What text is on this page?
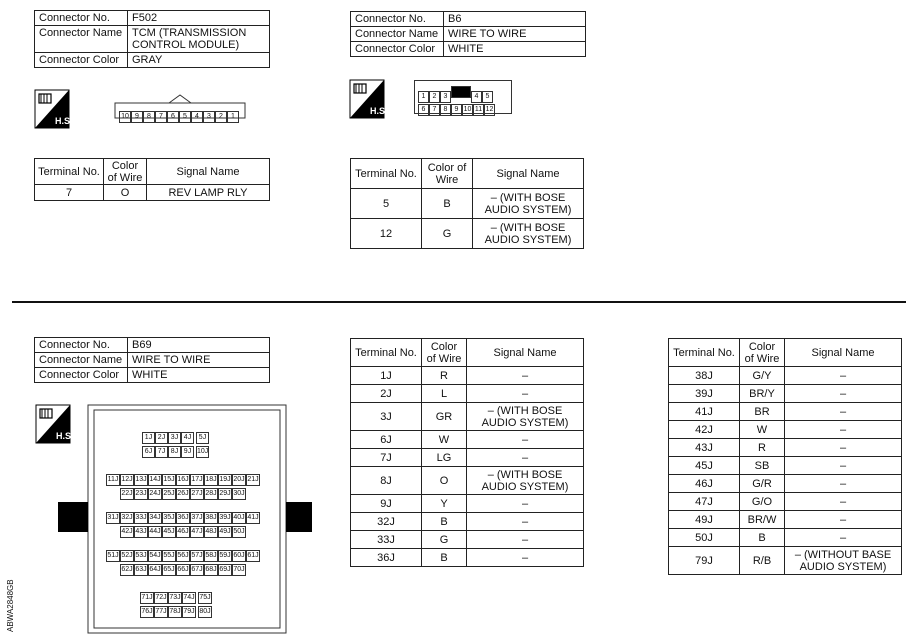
Connector No.	F502
Connector Name	TCM (TRANSMISSION CONTROL MODULE)
Connector Color	GRAY
H.S.	10 9 8 7 6 5 4 3 2 1
Terminal No.	Color of Wire	Signal Name
7	O	REV LAMP RLY
Connector No.	B6
Connector Name	WIRE TO WIRE
Connector Color	WHITE
H.S.
1 2 3	4 5
6 7 8 9 10 11 12
Terminal No.	Color of Wire	Signal Name
5	B	– (WITH BOSE AUDIO SYSTEM)
12	G	– (WITH BOSE AUDIO SYSTEM)
Connector No.	B69
Connector Name	WIRE TO WIRE
Connector Color	WHITE
H.S.	1J 2J 3J 4J 5J
6J 7J 8J 9J 10J
11J 12J 13J 14J 15J 16J 17J 18J 19J 20J 21J
22J 23J 24J 25J 26J 27J 28J 29J 30J
31J 32J 33J 34J 35J 36J 37J 38J 39J 40J 41J
42J 43J 44J 45J 46J 47J 48J 49J 50J
51J 52J 53J 54J 55J 56J 57J 58J 59J 60J 61J
62J 63J 64J 65J 66J 67J 68J 69J 70J
71J 72J 73J 74J 75J
76J 77J 78J 79J 80J
Terminal No.	Color of Wire	Signal Name
1J	R	–
2J	L	–
3J	GR	– (WITH BOSE AUDIO SYSTEM)
6J	W	–
7J	LG	–
8J	O	– (WITH BOSE AUDIO SYSTEM)
9J	Y	–
32J	B	–
33J	G	–
36J	B	–
Terminal No.	Color of Wire	Signal Name
38J	G/Y	–
39J	BR/Y	–
41J	BR	–
42J	W	–
43J	R	–
45J	SB	–
46J	G/R	–
47J	G/O	–
49J	BR/W	–
50J	B	–
79J	R/B	– (WITHOUT BASE AUDIO SYSTEM)
ABWA2848GB
